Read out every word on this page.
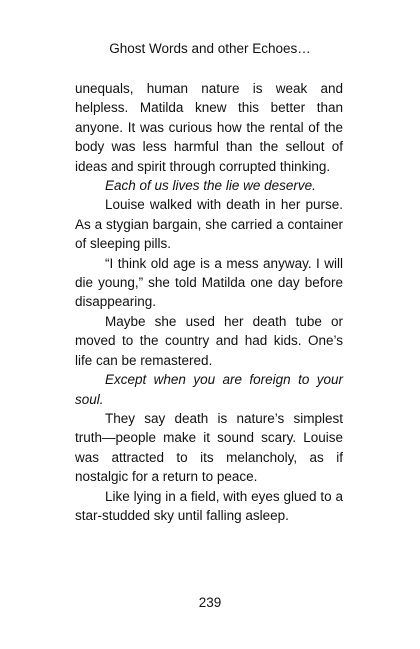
Ghost Words and other Echoes…

unequals, human nature is weak and helpless. Matilda knew this better than anyone. It was curious how the rental of the body was less harmful than the sellout of ideas and spirit through corrupted thinking.

Each of us lives the lie we deserve.

Louise walked with death in her purse. As a stygian bargain, she carried a container of sleeping pills.

“I think old age is a mess anyway. I will die young,” she told Matilda one day before disappearing.

Maybe she used her death tube or moved to the country and had kids. One’s life can be remastered.

Except when you are foreign to your soul.

They say death is nature’s simplest truth—people make it sound scary. Louise was attracted to its melancholy, as if nostalgic for a return to peace.

Like lying in a field, with eyes glued to a star-studded sky until falling asleep.

239
